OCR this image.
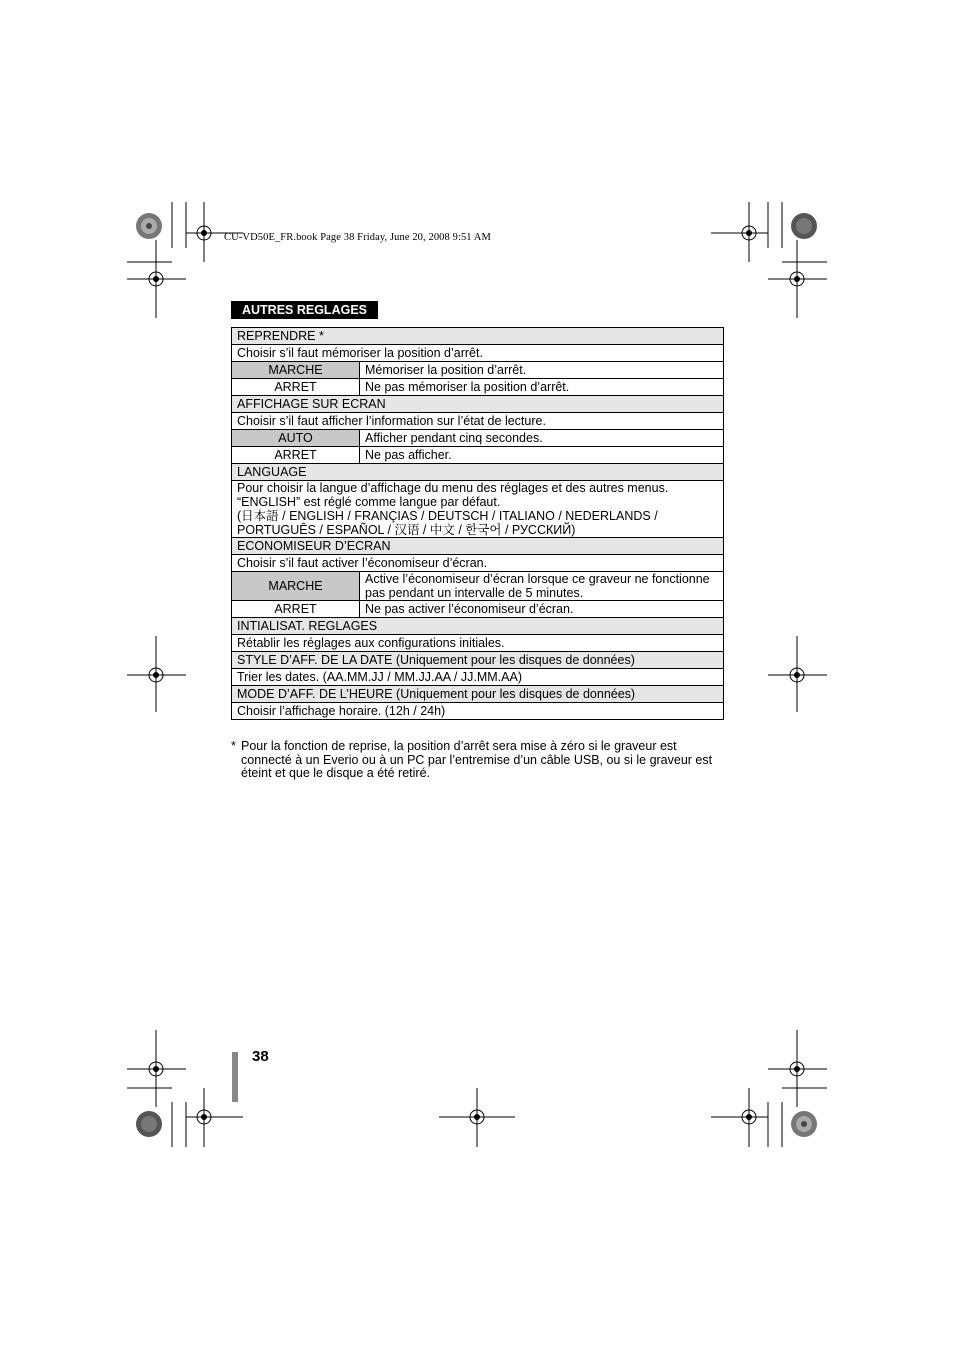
CU-VD50E_FR.book Page 38 Friday, June 20, 2008 9:51 AM
AUTRES REGLAGES
REPRENDRE *	
Choisir s’il faut mémoriser la position d’arrêt.	
MARCHE	Mémoriser la position d’arrêt.
ARRET	Ne pas mémoriser la position d’arrêt.
AFFICHAGE SUR ECRAN	
Choisir s’il faut afficher l’information sur l’état de lecture.	
AUTO	Afficher pendant cinq secondes.
ARRET	Ne pas afficher.
LANGUAGE	

Pour choisir la langue d’affichage du menu des réglages et des autres menus.
“ENGLISH” est réglé comme langue par défaut.
(日本語 / ENGLISH / FRANÇIAS / DEUTSCH / ITALIANO / NEDERLANDS /
PORTUGUÊS / ESPAÑOL / 汉语 / 中文 / 한국어 / РУССКИЙ)	

ECONOMISEUR D’ECRAN	
Choisir s’il faut activer l’économiseur d’écran.	
MARCHE	Active l’économiseur d’écran lorsque ce graveur ne fonctionne pas pendant un intervalle de 5 minutes.
ARRET	Ne pas activer l’économiseur d’écran.
INTIALISAT. REGLAGES	
Rétablir les réglages aux configurations initiales.	
STYLE D’AFF. DE LA DATE (Uniquement pour les disques de données)	
Trier les dates. (AA.MM.JJ / MM.JJ.AA / JJ.MM.AA)	
MODE D’AFF. DE L’HEURE (Uniquement pour les disques de données)	
Choisir l’affichage horaire. (12h / 24h)	
* Pour la fonction de reprise, la position d’arrêt sera mise à zéro si le graveur est connecté à un Everio ou à un PC par l’entremise d’un câble USB, ou si le graveur est éteint et que le disque a été retiré.
38
